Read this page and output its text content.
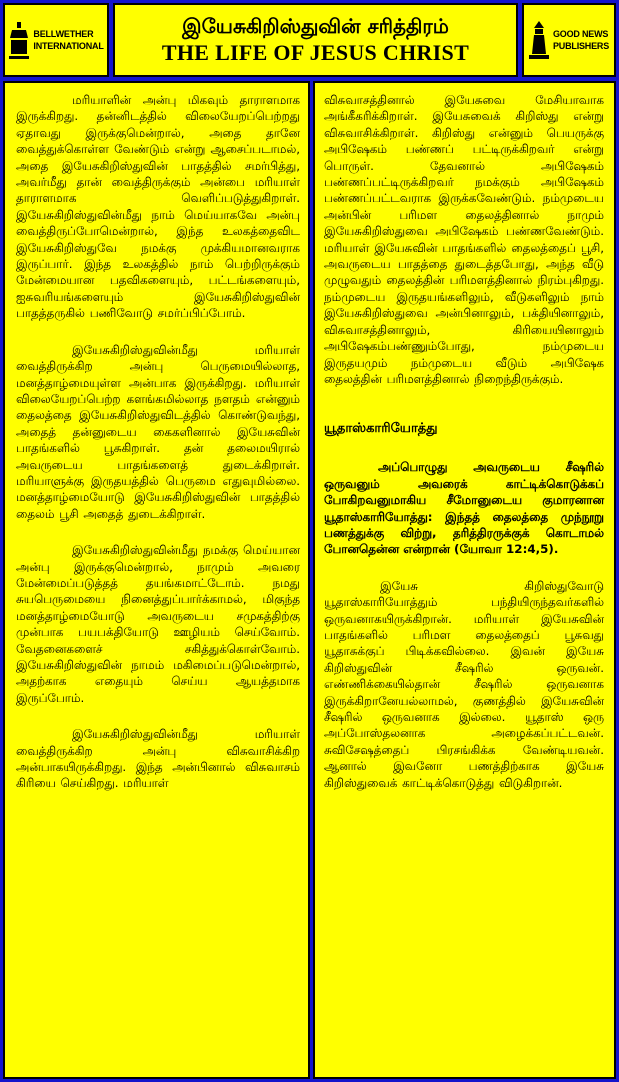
BELLWETHER INTERNATIONAL
இயேசுகிறிஸ்துவின் சரித்திரம்
THE LIFE OF JESUS CHRIST
GOOD NEWS PUBLISHERS

மரியாளின் அன்பு மிகவும் தாராளமாக இருக்கிறது. தன்னிடத்தில் விலையேறப்பெற்றது ஏதாவது இருக்குமென்றால், அதை தானே வைத்துக்கொள்ள வேண்டும் என்று ஆசைப்படாமல், அதை இயேசுகிறிஸ்துவின் பாதத்தில் சமர்பித்து, அவர்மீது தான் வைத்திருக்கும் அன்பை மரியாள் தாராளமாக வெளிப்படுத்துகிறாள். இயேசுகிறிஸ்துவின்மீது நாம் மெய்யாகவே அன்பு வைத்திருப்போமென்றால், இந்த உலகத்தைவிட இயேசுகிறிஸ்துவே நமக்கு முக்கியமானவராக இருப்பார். இந்த உலகத்தில் நாம் பெற்றிருக்கும் மேன்மையான பதவிகளையும், பட்டங்களையும், ஐசுவரியங்களையும் இயேசுகிறிஸ்துவின் பாதத்தருகில் பணிவோடு சமர்ப்பிப்போம்.

இயேசுகிறிஸ்துவின்மீது மரியாள் வைத்திருக்கிற அன்பு பெருமையில்லாத, மனத்தாழ்மையுள்ள அன்பாக இருக்கிறது. மரியாள் விலையேறப்பெற்ற களங்கமில்லாத நளதம் என்னும் தைலத்தை இயேசுகிறிஸ்துவிடத்தில் கொண்டுவந்து, அதைத் தன்னுடைய கைகளினால் இயேசுவின் பாதங்களில் பூசுகிறாள். தன் தலைமயிரால் அவருடைய பாதங்களைத் துடைக்கிறாள். மரியாளுக்கு இருதயத்தில் பெருமை எதுவுமில்லை. மனத்தாழ்மையோடு இயேசுகிறிஸ்துவின் பாதத்தில் தைலம் பூசி அதைத் துடைக்கிறாள்.

இயேசுகிறிஸ்துவின்மீது நமக்கு மெய்யான அன்பு இருக்குமென்றால், நாமும் அவரை மேன்மைப்படுத்தத் தயங்கமாட்டோம். நமது சுயபெருமையை நினைத்துப்பார்க்காமல், மிகுந்த மனத்தாழ்மையோடு அவருடைய சமுகத்திற்கு முன்பாக பயபக்தியோடு ஊழியம் செய்வோம். வேதனைகளைச் சகித்துக்கொள்வோம். இயேசுகிறிஸ்துவின் நாமம் மகிமைப்படுமென்றால், அதற்காக எதையும் செய்ய ஆயத்தமாக இருப்போம்.

இயேசுகிறிஸ்துவின்மீது மரியாள் வைத்திருக்கிற அன்பு விசுவாசிக்கிற அன்பாகயிருக்கிறது. இந்த அன்பினால் விசுவாசம் கிரியை செய்கிறது. மரியாள்

விசுவாசத்தினால் இயேசுவை மேசியாவாக அங்கீகரிக்கிறாள். இயேசுவைக் கிறிஸ்து என்று விசுவாசிக்கிறாள். கிறிஸ்து என்னும் பெயருக்கு அபிஷேகம் பண்ணப் பட்டிருக்கிறவர் என்று பொருள். தேவனால் அபிஷேகம் பண்ணப்பட்டிருக்கிறவர் நமக்கும் அபிஷேகம் பண்ணப்பட்டவராக இருக்கவேண்டும். நம்முடைய அன்பின் பரிமள தைலத்தினால் நாமும் இயேசுகிறிஸ்துவை அபிஷேகம் பண்ணவேண்டும். மரியாள் இயேசுவின் பாதங்களில் தைலத்தைப் பூசி, அவருடைய பாதத்தை துடைத்தபோது, அந்த வீடு முழுவதும் தைலத்தின் பரிமளத்தினால் நிரம்புகிறது. நம்முடைய இருதயங்களிலும், வீடுகளிலும் நாம் இயேசுகிறிஸ்துவை அன்பினாலும், பக்தியினாலும், விசுவாசத்தினாலும், கிரியையினாலும் அபிஷேகம்பண்ணும்போது, நம்முடைய இருதயமும் நம்முடைய வீடும் அபிஷேக தைலத்தின் பரிமளத்தினால் நிறைந்திருக்கும்.

யூதாஸ்காரியோத்து

அப்பொழுது அவருடைய சீஷரில் ஒருவனும் அவரைக் காட்டிக்கொடுக்கப் போகிறவனுமாகிய சீமோனுடைய குமாரனான யூதாஸ்காரியோத்து: இந்தத் தைலத்தை முந்நூறு பணத்துக்கு விற்று, தரித்திரருக்குக் கொடாமல் போனதென்ன என்றான் (யோவா 12:4,5).

இயேசு கிறிஸ்துவோடு யூதாஸ்காரியோத்தும் பந்தியிருந்தவர்களில் ஒருவனாகயிருக்கிறான். மரியாள் இயேசுவின் பாதங்களில் பரிமள தைலத்தைப் பூசுவது யூதாசுக்குப் பிடிக்கவில்லை. இவன் இயேசு கிறிஸ்துவின் சீஷரில் ஒருவன். எண்ணிக்கையில்தான் சீஷரில் ஒருவனாக இருக்கிறானேயல்லாமல், குணத்தில் இயேசுவின் சீஷரில் ஒருவனாக இல்லை. யூதாஸ் ஒரு அப்போஸ்தலனாக அழைக்கப்பட்டவன். சுவிசேஷத்தைப் பிரசங்கிக்க வேண்டியவன். ஆனால் இவனோ பணத்திற்காக இயேசு கிறிஸ்துவைக் காட்டிக்கொடுத்து விடுகிறான்.
